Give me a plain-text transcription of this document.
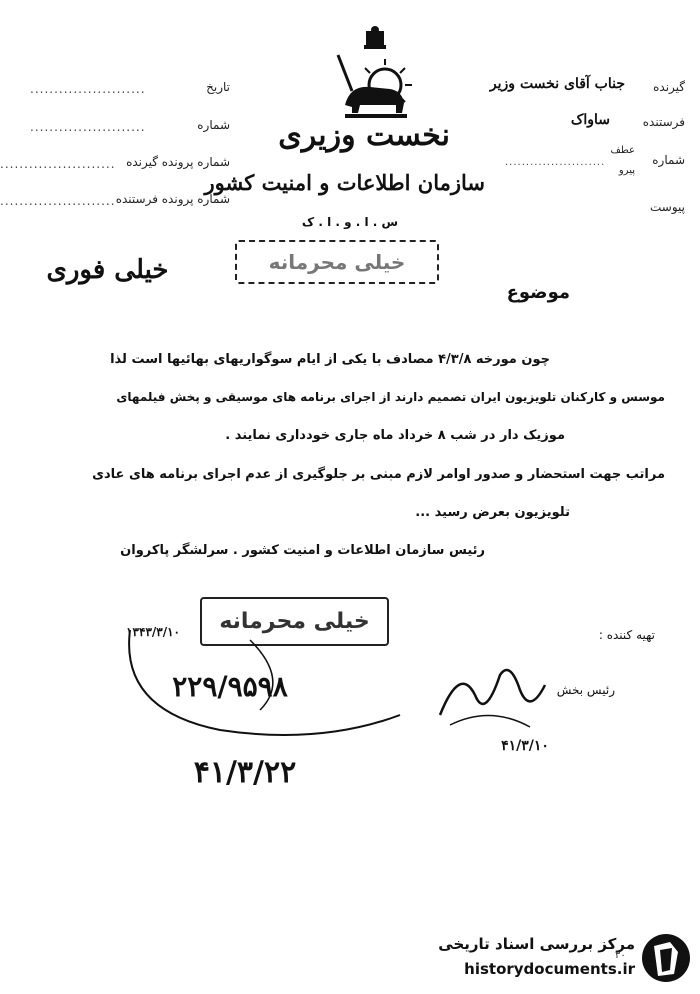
نخست وزیری
سازمان اطلاعات و امنیت کشور
س . ا . و . ا . ک
تاریخ
........................
شماره
........................
شماره پرونده گیرنده
........................
شماره پرونده فرستنده
........................
گیرنده
جناب آقای نخست وزیر
فرستنده
ساواک
عطف
شماره
پیرو
........................
پیوست
خیلی فوری	خیلی محرمانه
موضوع
چون مورخه ۴/۳/۸ مصادف با یکی از ایام سوگواریهای بهائیها است لذا
موسس و کارکنان تلویزیون ایران تصمیم دارند از اجرای برنامه های موسیقی و پخش فیلمهای
موزیک دار در شب ۸ خرداد ماه جاری خودداری نمایند .
مراتب جهت استحضار و صدور اوامر لازم مبنی بر جلوگیری از عدم اجرای برنامه های عادی
تلویزیون بعرض رسید ...
رئیس سازمان اطلاعات و امنیت کشور . سرلشگر پاکروان
خیلی محرمانه
۱۳۴۳/۳/۱۰
۲۲۹/۹۵۹۸
۴۱/۳/۲۲
تهیه کننده :
رئیس بخش
۴۱/۳/۱۰
مرکز بررسی اسناد تاریخی
historydocuments.ir
۳۰
